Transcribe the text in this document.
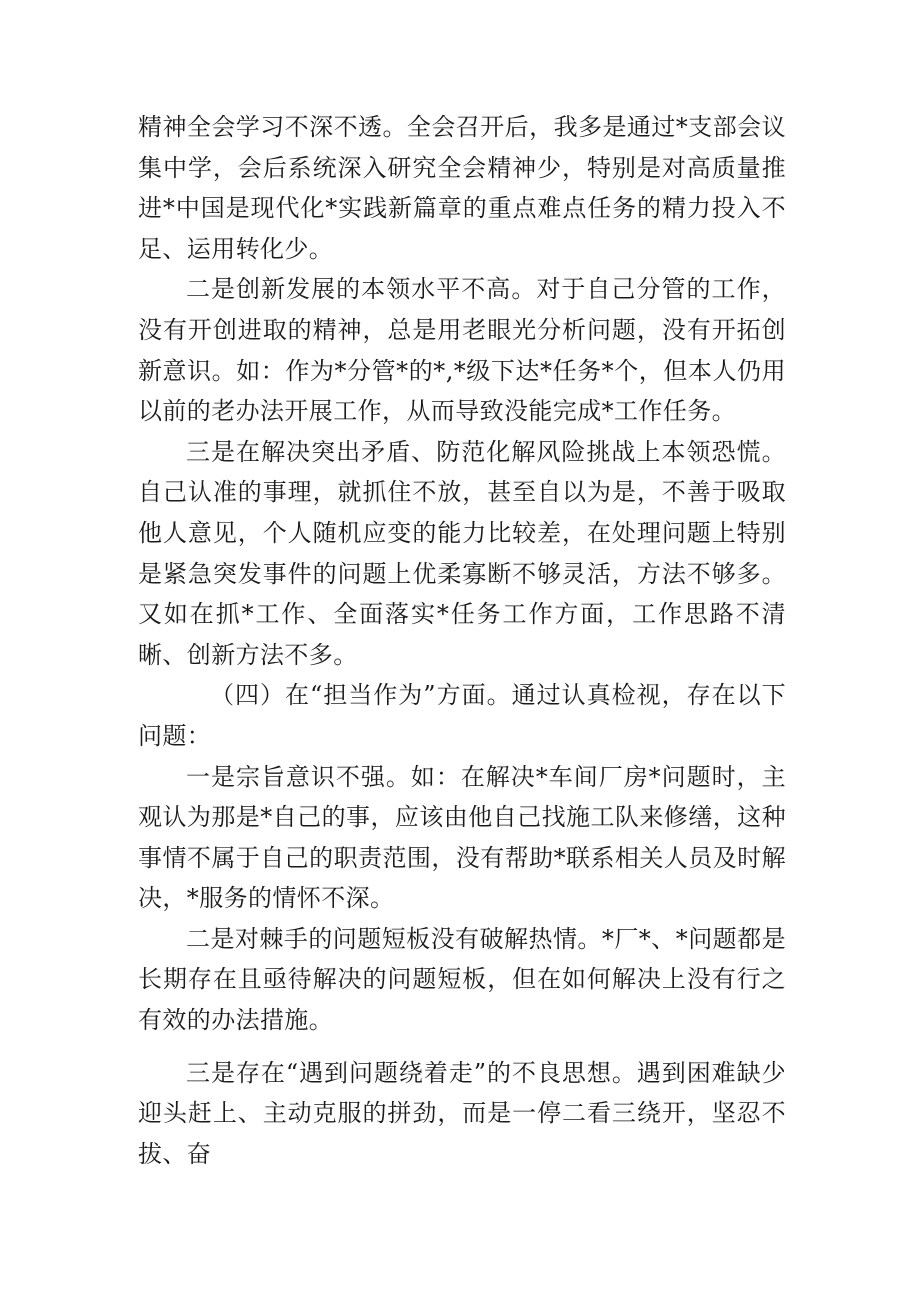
精神全会学习不深不透。全会召开后，我多是通过*支部会议集中学，会后系统深入研究全会精神少，特别是对高质量推进*中国是现代化*实践新篇章的重点难点任务的精力投入不足、运用转化少。

二是创新发展的本领水平不高。对于自己分管的工作，没有开创进取的精神，总是用老眼光分析问题，没有开拓创新意识。如：作为*分管*的*,*级下达*任务*个，但本人仍用以前的老办法开展工作，从而导致没能完成*工作任务。

三是在解决突出矛盾、防范化解风险挑战上本领恐慌。自己认准的事理，就抓住不放，甚至自以为是，不善于吸取他人意见，个人随机应变的能力比较差，在处理问题上特别是紧急突发事件的问题上优柔寡断不够灵活，方法不够多。又如在抓*工作、全面落实*任务工作方面，工作思路不清晰、创新方法不多。

（四）在“担当作为”方面。通过认真检视，存在以下问题：

一是宗旨意识不强。如：在解决*车间厂房*问题时，主观认为那是*自己的事，应该由他自己找施工队来修缮，这种事情不属于自己的职责范围，没有帮助*联系相关人员及时解决，*服务的情怀不深。

二是对棘手的问题短板没有破解热情。*厂*、*问题都是长期存在且亟待解决的问题短板，但在如何解决上没有行之有效的办法措施。

三是存在“遇到问题绕着走”的不良思想。遇到困难缺少迎头赶上、主动克服的拼劲，而是一停二看三绕开，坚忍不拔、奋
